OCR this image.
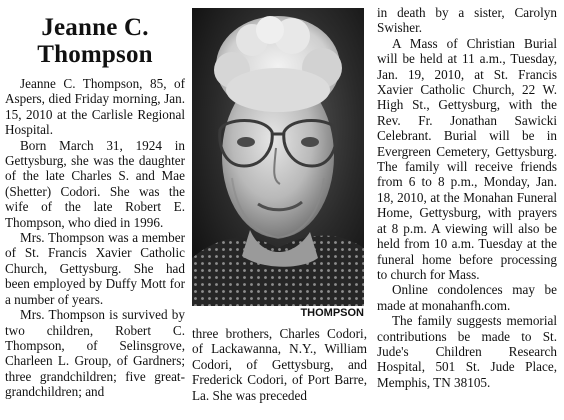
Jeanne C.
Thompson

Jeanne C. Thompson, 85, of Aspers, died Friday morning, Jan. 15, 2010 at the Carlisle Regional Hospital.

Born March 31, 1924 in Gettysburg, she was the daughter of the late Charles S. and Mae (Shetter) Codori. She was the wife of the late Robert E. Thompson, who died in 1996.

Mrs. Thompson was a member of St. Francis Xavier Catholic Church, Gettysburg. She had been employed by Duffy Mott for a number of years.

Mrs. Thompson is survived by two children, Robert C. Thompson, of Selinsgrove, Charleen L. Group, of Gardners; three grandchildren; five great-grandchildren; and

THOMPSON

three brothers, Charles Codori, of Lackawanna, N.Y., William Codori, of Gettysburg, and Frederick Codori, of Port Barre, La. She was preceded

in death by a sister, Carolyn Swisher.

A Mass of Christian Burial will be held at 11 a.m., Tuesday, Jan. 19, 2010, at St. Francis Xavier Catholic Church, 22 W. High St., Gettysburg, with the Rev. Fr. Jonathan Sawicki Celebrant. Burial will be in Evergreen Cemetery, Gettysburg. The family will receive friends from 6 to 8 p.m., Monday, Jan. 18, 2010, at the Monahan Funeral Home, Gettysburg, with prayers at 8 p.m. A viewing will also be held from 10 a.m. Tuesday at the funeral home before processing to church for Mass.

Online condolences may be made at monahanfh.com.

The family suggests memorial contributions be made to St. Jude's Children Research Hospital, 501 St. Jude Place, Memphis, TN 38105.
